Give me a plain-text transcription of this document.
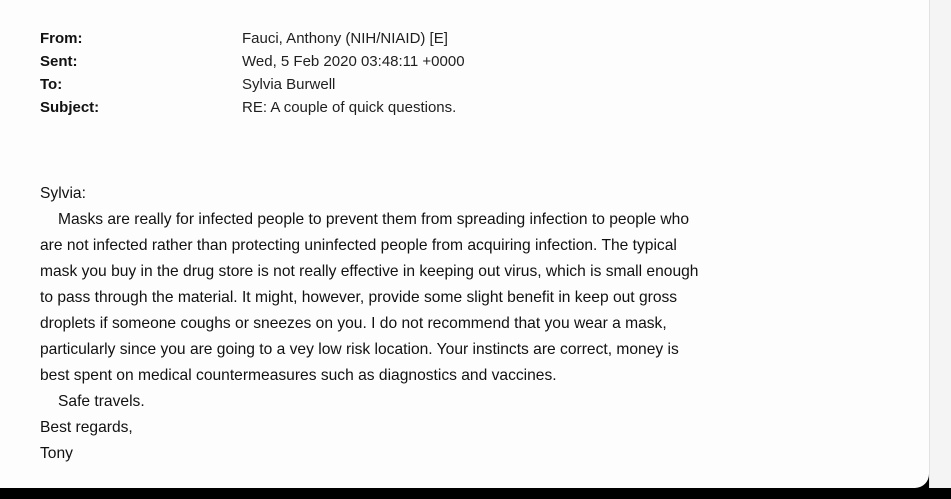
From:	Fauci, Anthony (NIH/NIAID) [E]
Sent:	Wed, 5 Feb 2020 03:48:11 +0000
To:	Sylvia Burwell
Subject:	RE: A couple of quick questions.
Sylvia:
Masks are really for infected people to prevent them from spreading infection to people who
are not infected rather than protecting uninfected people from acquiring infection. The typical
mask you buy in the drug store is not really effective in keeping out virus, which is small enough
to pass through the material. It might, however, provide some slight benefit in keep out gross
droplets if someone coughs or sneezes on you. I do not recommend that you wear a mask,
particularly since you are going to a vey low risk location. Your instincts are correct, money is
best spent on medical countermeasures such as diagnostics and vaccines.
Safe travels.
Best regards,
Tony
